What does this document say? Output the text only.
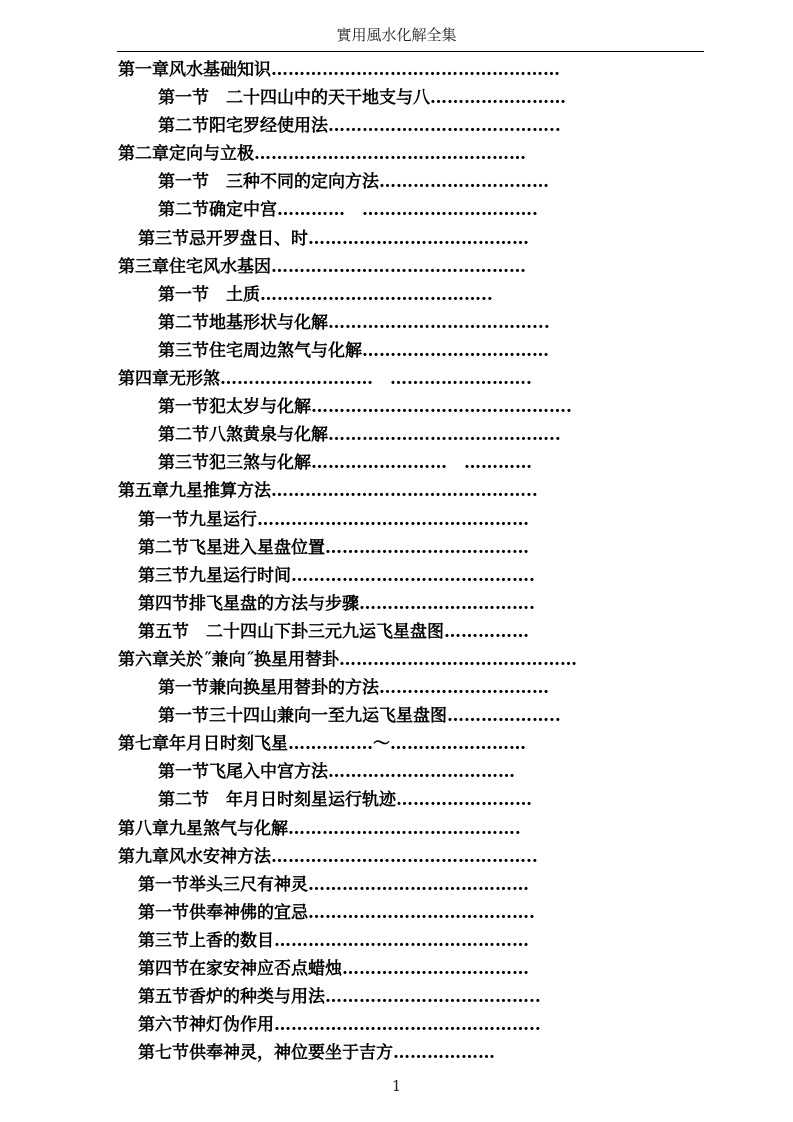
實用風水化解全集
第一章风水基础知识……………………………………………
第一节　二十四山中的天干地支与八……………………
第二节阳宅罗经使用法…………………………………..
第二章定向与立极…………………………………………
第一节　三种不同的定向方法…………………………
第二节确定中宫…………　………………………….
第三节忌开罗盘日、时…………………………………
第三章住宅风水基因………………………………………
第一节　土质…………………………………..
第二节地基形状与化解………………………………...
第三节住宅周边煞气与化解……………………………
第四章无形煞………………………　…………………….
第一节犯太岁与化解……………………………………….
第二节八煞黄泉与化解…………………………………..
第三节犯三煞与化解……………………　…………
第五章九星推算方法………………………………………..
第一节九星运行…………………………………………
第二节飞星进入星盘位置………………………………
第三节九星运行时间…………………………………….
第四节排飞星盘的方法与步骤………………………….
第五节　二十四山下卦三元九运飞星盘图……………
第六章关於˝兼向˝换星用替卦……………………………………
第一节兼向换星用替卦的方法…………………………
第一节三十四山兼向一至九运飞星盘图………………..
第七章年月日时刻飞星……………～……………………
第一节飞尾入中宫方法……………………………
第二节　年月日时刻星运行轨迹……………………
第八章九星煞气与化解…………………….…………….
第九章风水安神方法………………………………………..
第一节举头三尺有神灵…………………………………
第一节供奉神佛的宜忌………………………………….
第三节上香的数目………………………………………
第四节在家安神应否点蜡烛……………………………
第五节香炉的种类与用法………………………………..
第六节神灯伪作用………………………………………..
第七节供奉神灵，神位要坐于吉方………………
1
